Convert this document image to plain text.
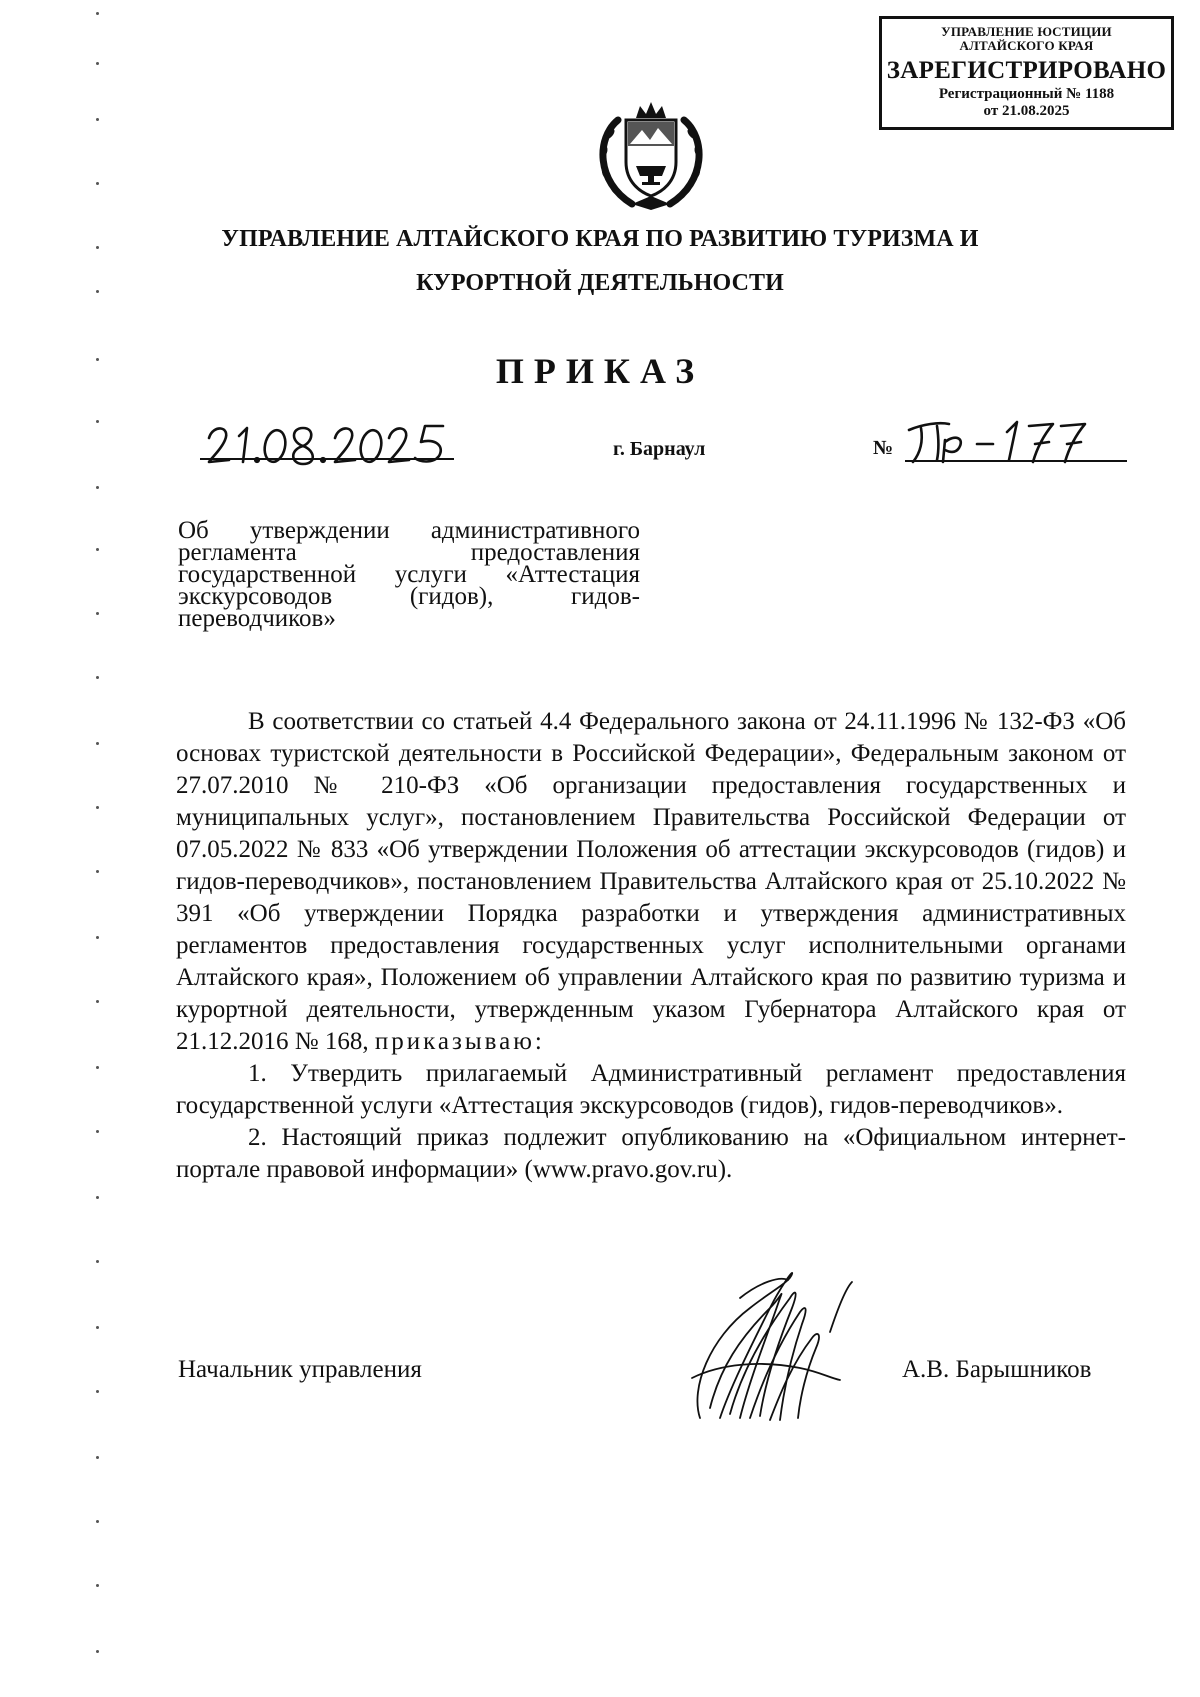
УПРАВЛЕНИЕ ЮСТИЦИИ
АЛТАЙСКОГО КРАЯ
ЗАРЕГИСТРИРОВАНО
Регистрационный № 1188
от 21.08.2025
УПРАВЛЕНИЕ АЛТАЙСКОГО КРАЯ ПО РАЗВИТИЮ ТУРИЗМА И
КУРОРТНОЙ ДЕЯТЕЛЬНОСТИ
ПРИКАЗ
г. Барнаул	№
Об утверждении административного регламента предоставления государственной услуги «Аттестация экскурсоводов (гидов), гидов-переводчиков»

В соответствии со статьей 4.4 Федерального закона от 24.11.1996 № 132-ФЗ «Об основах туристской деятельности в Российской Федерации», Федеральным законом от 27.07.2010 № 210-ФЗ «Об организации предоставления государственных и муниципальных услуг», постановлением Правительства Российской Федерации от 07.05.2022 № 833 «Об утверждении Положения об аттестации экскурсоводов (гидов) и гидов-переводчиков», постановлением Правительства Алтайского края от 25.10.2022 № 391 «Об утверждении Порядка разработки и утверждения административных регламентов предоставления государственных услуг исполнительными органами Алтайского края», Положением об управлении Алтайского края по развитию туризма и курортной деятельности, утвержденным указом Губернатора Алтайского края от 21.12.2016 № 168, приказываю:

1. Утвердить прилагаемый Административный регламент предоставления государственной услуги «Аттестация экскурсоводов (гидов), гидов-переводчиков».

2. Настоящий приказ подлежит опубликованию на «Официальном интернет-портале правовой информации» (www.pravo.gov.ru).

Начальник управления	А.В. Барышников
